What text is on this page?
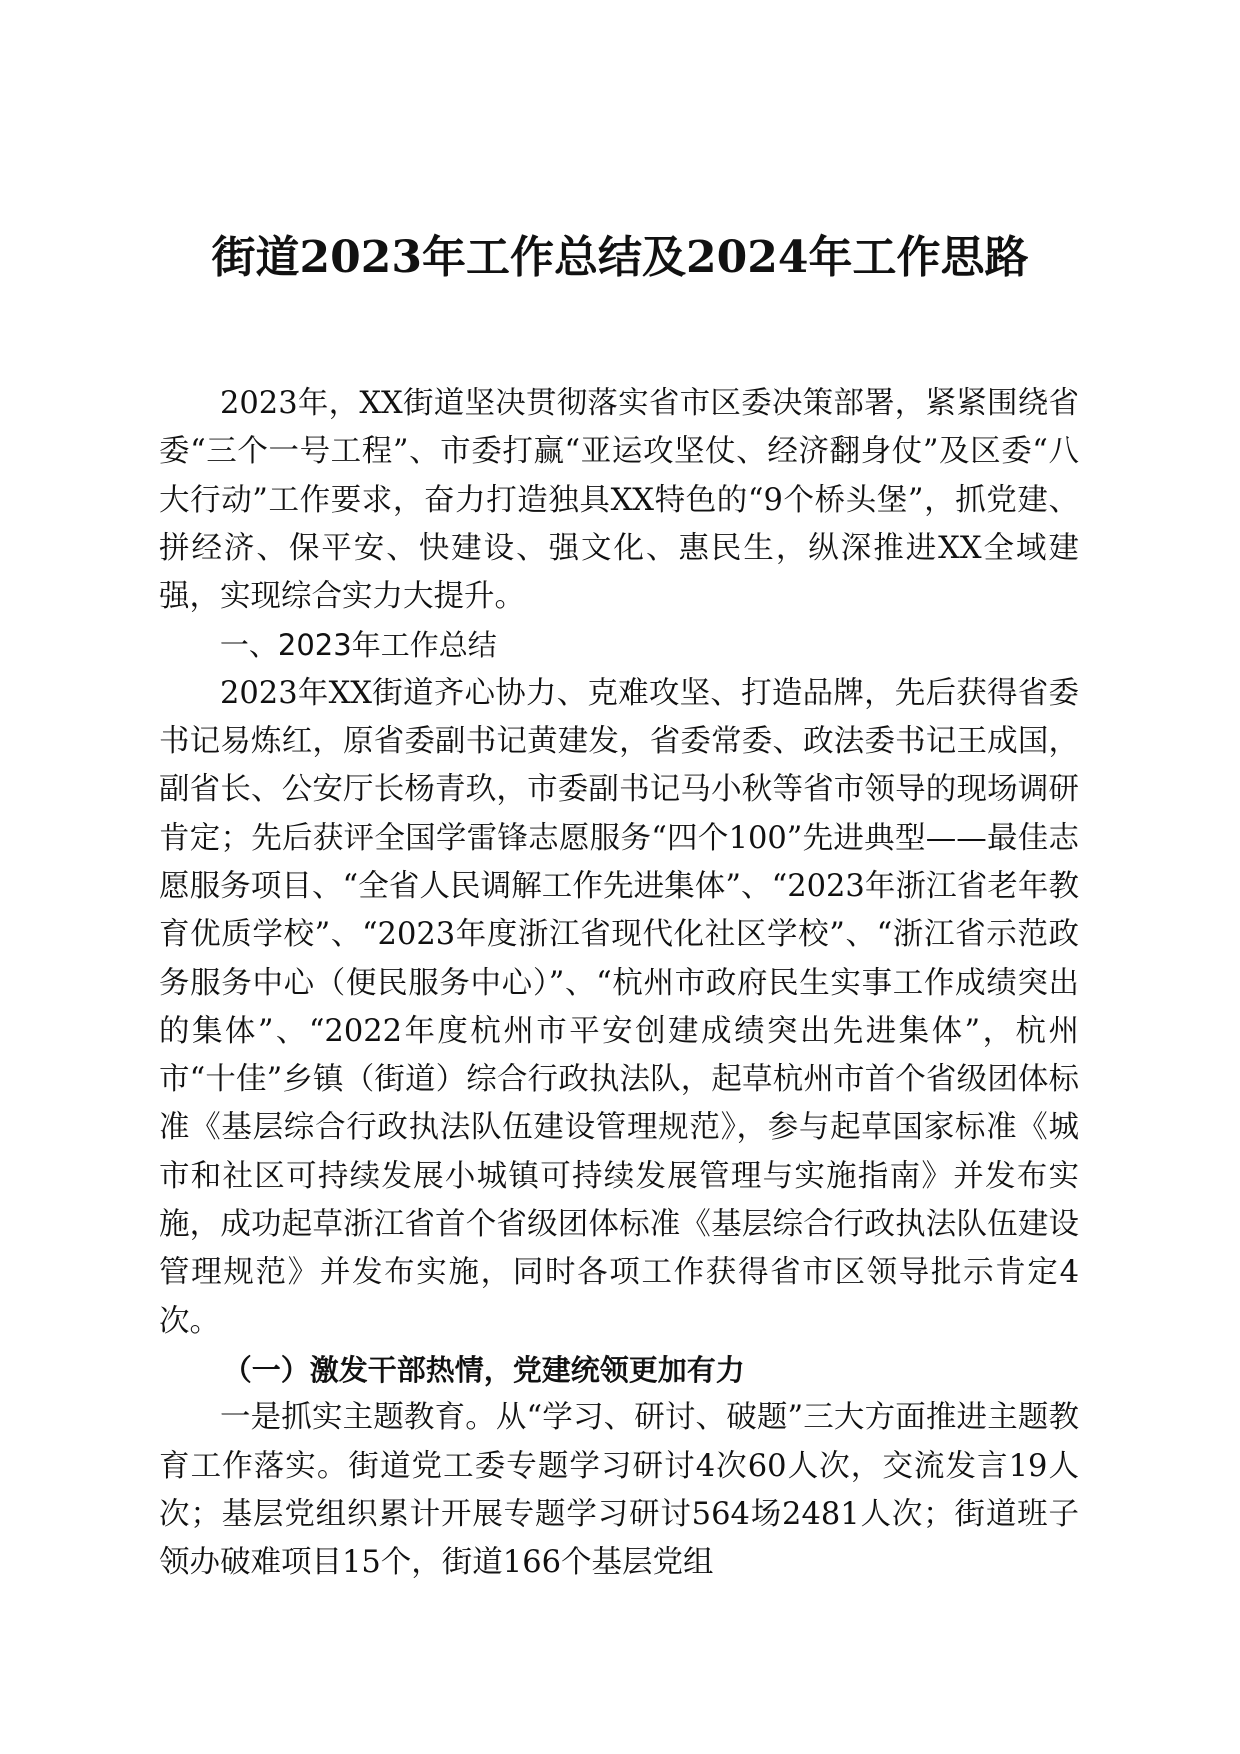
街道2023年工作总结及2024年工作思路

2023年，XX街道坚决贯彻落实省市区委决策部署，紧紧围绕省委“三个一号工程”、市委打赢“亚运攻坚仗、经济翻身仗”及区委“八大行动”工作要求，奋力打造独具XX特色的“9个桥头堡”，抓党建、拼经济、保平安、快建设、强文化、惠民生，纵深推进XX全域建强，实现综合实力大提升。

一、2023年工作总结

2023年XX街道齐心协力、克难攻坚、打造品牌，先后获得省委书记易炼红，原省委副书记黄建发，省委常委、政法委书记王成国，副省长、公安厅长杨青玖，市委副书记马小秋等省市领导的现场调研肯定；先后获评全国学雷锋志愿服务“四个100”先进典型——最佳志愿服务项目、“全省人民调解工作先进集体”、“2023年浙江省老年教育优质学校”、“2023年度浙江省现代化社区学校”、“浙江省示范政务服务中心（便民服务中心）”、“杭州市政府民生实事工作成绩突出的集体”、“2022年度杭州市平安创建成绩突出先进集体”，杭州市“十佳”乡镇（街道）综合行政执法队，起草杭州市首个省级团体标准《基层综合行政执法队伍建设管理规范》，参与起草国家标准《城市和社区可持续发展小城镇可持续发展管理与实施指南》并发布实施，成功起草浙江省首个省级团体标准《基层综合行政执法队伍建设管理规范》并发布实施，同时各项工作获得省市区领导批示肯定4次。

（一）激发干部热情，党建统领更加有力

一是抓实主题教育。从“学习、研讨、破题”三大方面推进主题教育工作落实。街道党工委专题学习研讨4次60人次，交流发言19人次；基层党组织累计开展专题学习研讨564场2481人次；街道班子领办破难项目15个，街道166个基层党组
